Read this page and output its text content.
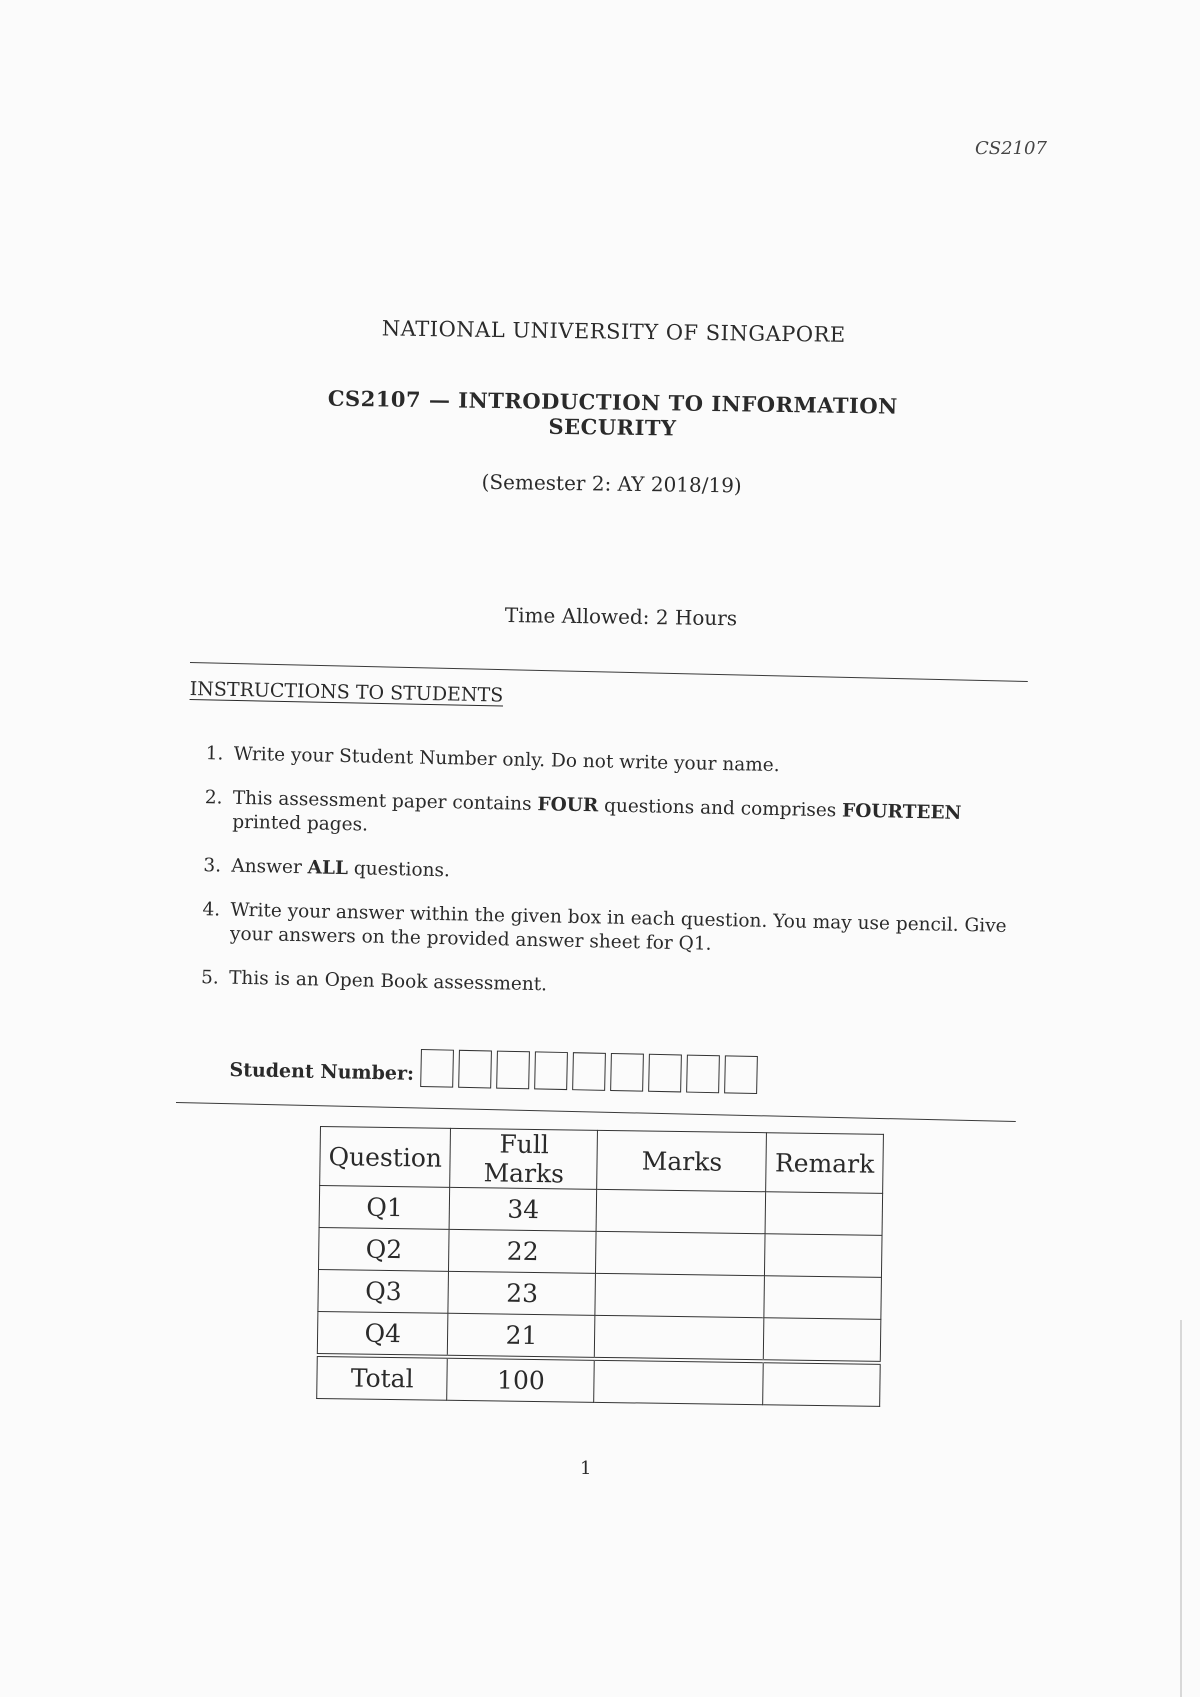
CS2107
NATIONAL UNIVERSITY OF SINGAPORE
CS2107 — INTRODUCTION TO INFORMATION SECURITY
(Semester 2: AY 2018/19)
Time Allowed: 2 Hours
INSTRUCTIONS TO STUDENTS
1. Write your Student Number only. Do not write your name.
2. This assessment paper contains FOUR questions and comprises FOURTEEN printed pages.
3. Answer ALL questions.
4. Write your answer within the given box in each question. You may use pencil. Give your answers on the provided answer sheet for Q1.
5. This is an Open Book assessment.
Student Number:
Question	Full Marks	Marks	Remark
Q1	34		
Q2	22		
Q3	23		
Q4	21		
Total	100		
1
